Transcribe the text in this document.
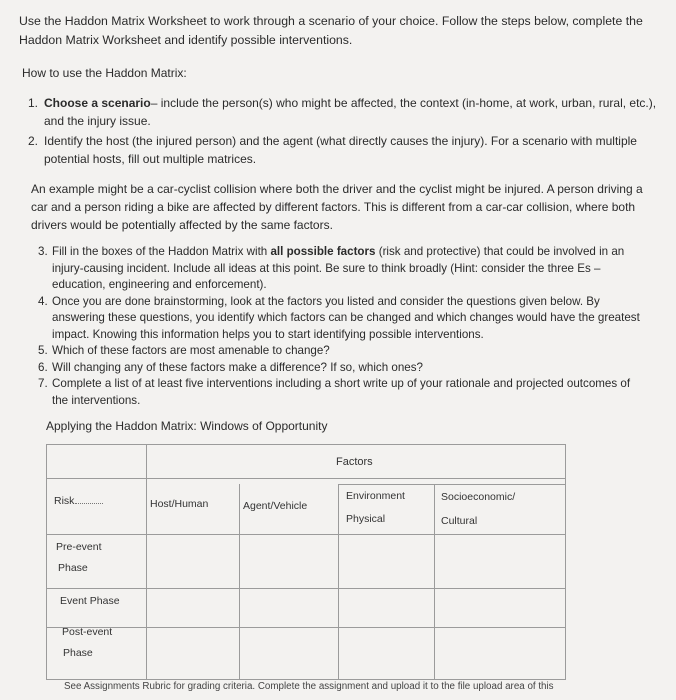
Use the Haddon Matrix Worksheet to work through a scenario of your choice. Follow the steps below, complete the Haddon Matrix Worksheet and identify possible interventions.
How to use the Haddon Matrix:
1. Choose a scenario– include the person(s) who might be affected, the context (in-home, at work, urban, rural, etc.), and the injury issue.
2. Identify the host (the injured person) and the agent (what directly causes the injury). For a scenario with multiple potential hosts, fill out multiple matrices.
An example might be a car-cyclist collision where both the driver and the cyclist might be injured. A person driving a car and a person riding a bike are affected by different factors. This is different from a car-car collision, where both drivers would be potentially affected by the same factors.
3. Fill in the boxes of the Haddon Matrix with all possible factors (risk and protective) that could be involved in an injury-causing incident. Include all ideas at this point. Be sure to think broadly (Hint: consider the three Es – education, engineering and enforcement).
4. Once you are done brainstorming, look at the factors you listed and consider the questions given below. By answering these questions, you identify which factors can be changed and which changes would have the greatest impact. Knowing this information helps you to start identifying possible interventions.
5. Which of these factors are most amenable to change?
6. Will changing any of these factors make a difference? If so, which ones?
7. Complete a list of at least five interventions including a short write up of your rationale and projected outcomes of the interventions.
Applying the Haddon Matrix: Windows of Opportunity
Factors
Risk	Host/Human	Agent/Vehicle
Environment
Physical
Socioeconomic/
Cultural
Pre-event
Phase
Event Phase
Post-event
Phase
See Assignments Rubric for grading criteria. Complete the assignment and upload it to the file upload area of this
